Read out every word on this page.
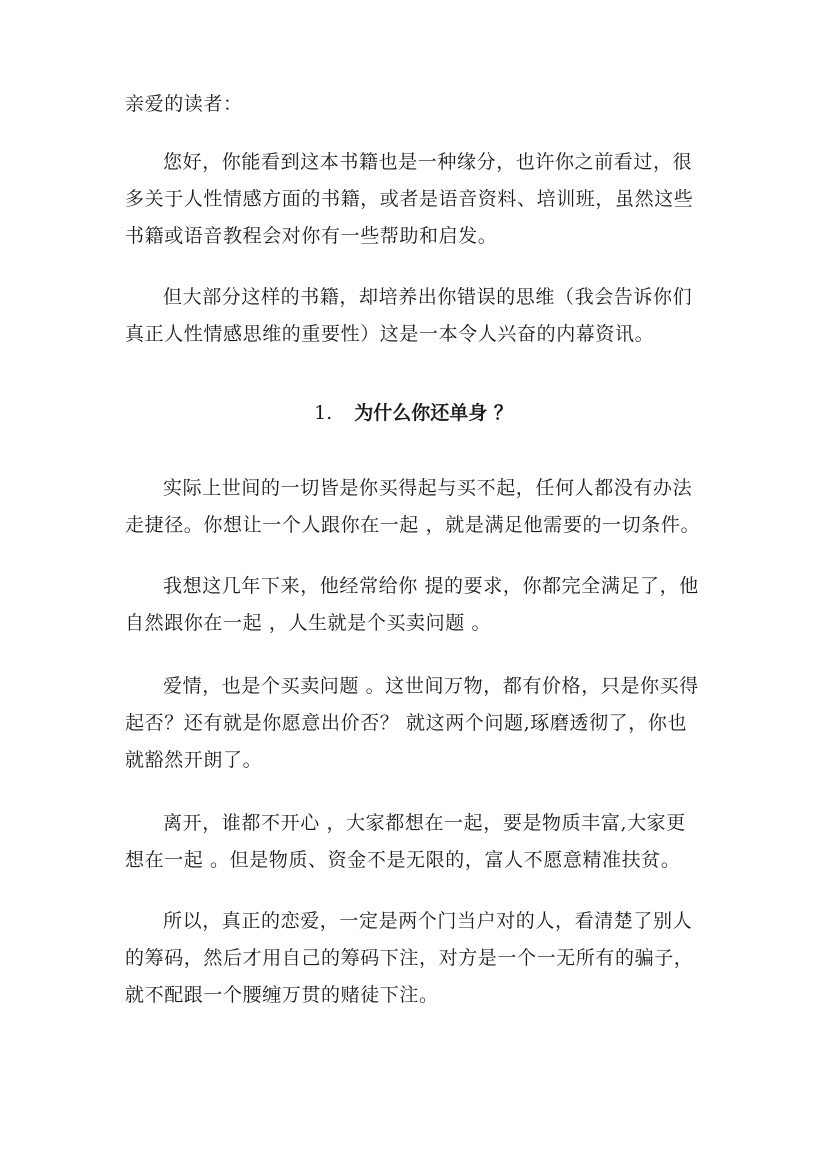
亲爱的读者：
您好，你能看到这本书籍也是一种缘分，也许你之前看过，很
多关于人性情感方面的书籍，或者是语音资料、培训班，虽然这些
书籍或语音教程会对你有一些帮助和启发。
但大部分这样的书籍，却培养出你错误的思维（我会告诉你们
真正人性情感思维的重要性）这是一本令人兴奋的内幕资讯。
1. 为什么你还单身 ？
实际上世间的一切皆是你买得起与买不起，任何人都没有办法
走捷径。你想让一个人跟你在一起 ，就是满足他需要的一切条件。
我想这几年下来，他经常给你 提的要求，你都完全满足了，他
自然跟你在一起 ，人生就是个买卖问题 。
爱情，也是个买卖问题 。这世间万物，都有价格，只是你买得
起否？还有就是你愿意出价否？ 就这两个问题,琢磨透彻了，你也
就豁然开朗了。
离开，谁都不开心 ，大家都想在一起，要是物质丰富,大家更
想在一起 。但是物质、资金不是无限的，富人不愿意精准扶贫。
所以，真正的恋爱，一定是两个门当户对的人，看清楚了别人
的筹码，然后才用自己的筹码下注，对方是一个一无所有的骗子，
就不配跟一个腰缠万贯的赌徒下注。
